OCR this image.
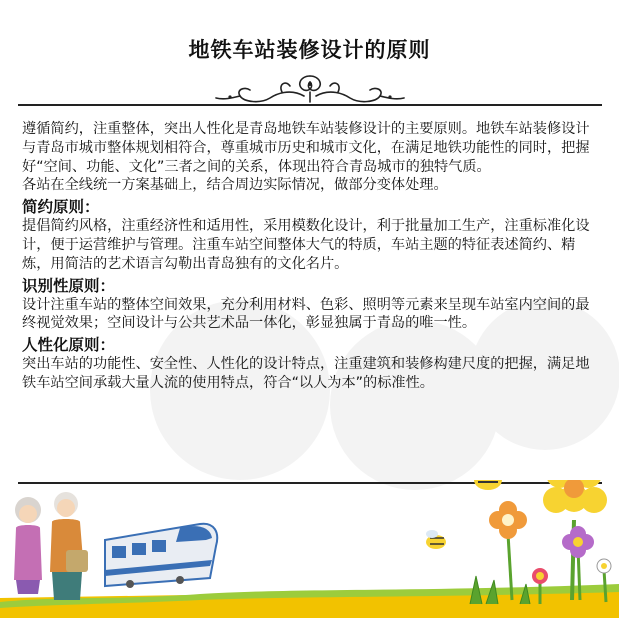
地铁车站装修设计的原则

遵循简约，注重整体，突出人性化是青岛地铁车站装修设计的主要原则。地铁车站装修设计与青岛市城市整体规划相符合，尊重城市历史和城市文化，在满足地铁功能性的同时，把握好“空间、功能、文化”三者之间的关系，体现出符合青岛城市的独特气质。

各站在全线统一方案基础上，结合周边实际情况，做部分变体处理。

简约原则：

提倡简约风格，注重经济性和适用性，采用模数化设计，利于批量加工生产，注重标准化设计，便于运营维护与管理。注重车站空间整体大气的特质，车站主题的特征表述简约、精炼，用简洁的艺术语言勾勒出青岛独有的文化名片。

识别性原则：

设计注重车站的整体空间效果，充分利用材料、色彩、照明等元素来呈现车站室内空间的最终视觉效果；空间设计与公共艺术品一体化，彰显独属于青岛的唯一性。

人性化原则：

突出车站的功能性、安全性、人性化的设计特点，注重建筑和装修构建尺度的把握，满足地铁车站空间承载大量人流的使用特点，符合“以人为本”的标准性。
